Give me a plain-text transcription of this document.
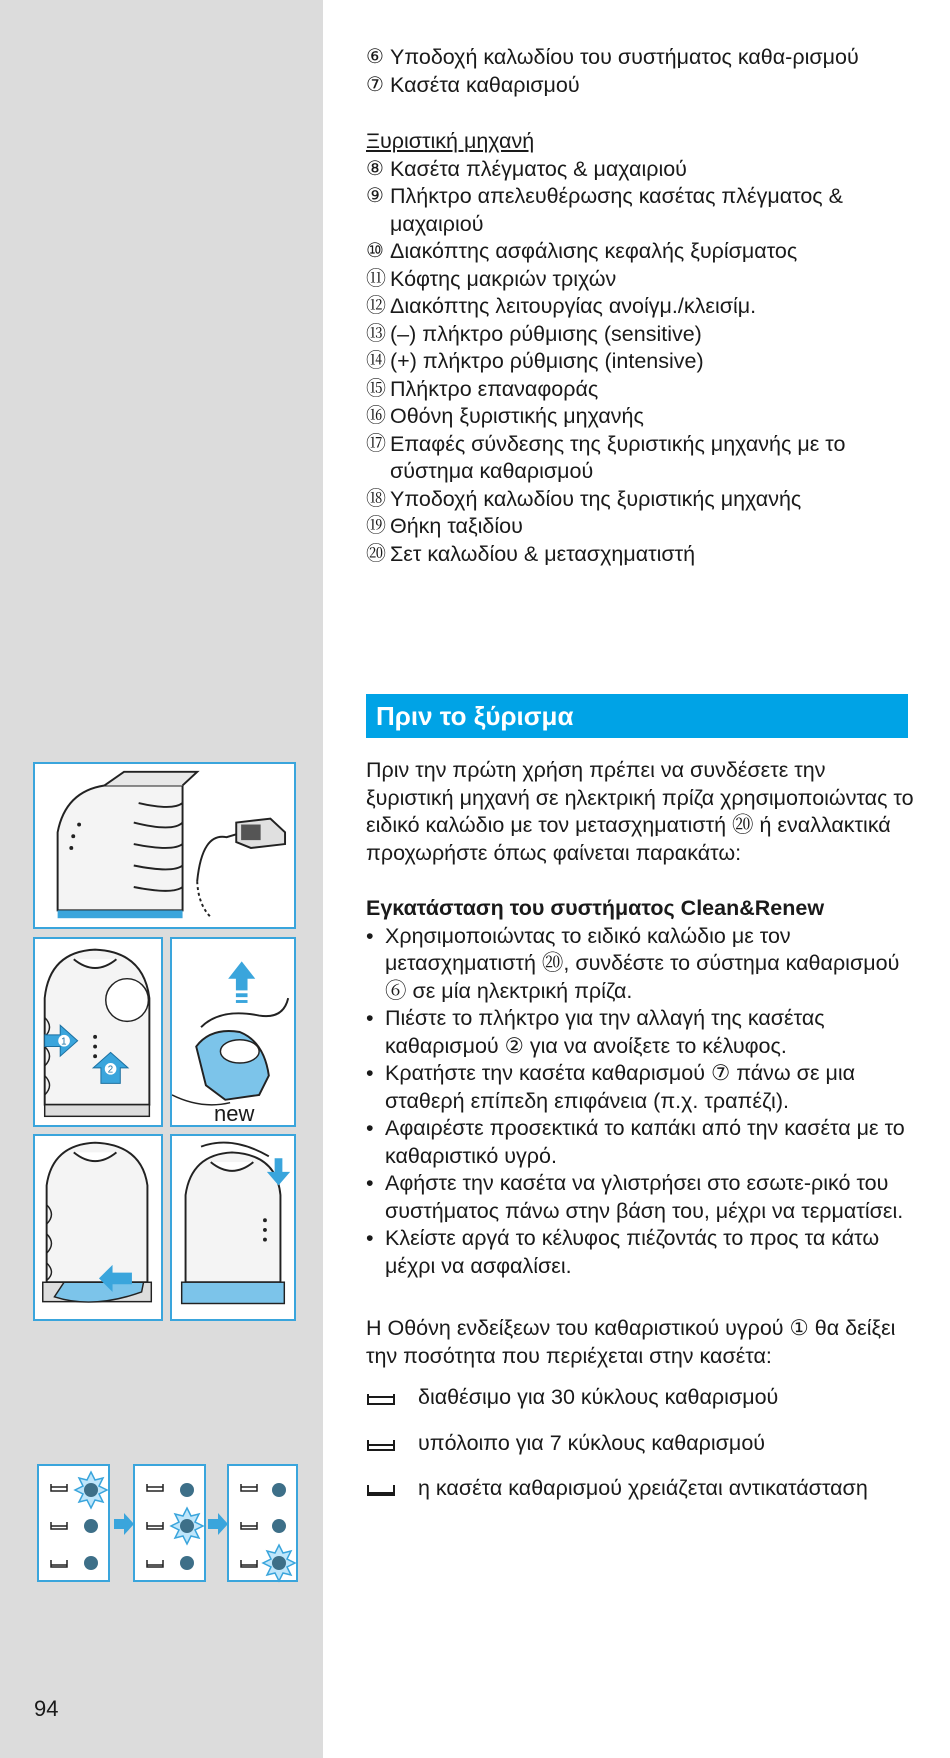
1
2
new
⑥ Υποδοχή καλωδίου του συστήματος καθα-ρισμού
⑦ Κασέτα καθαρισμού
Ξυριστική μηχανή
⑧ Κασέτα πλέγματος & μαχαιριού
⑨ Πλήκτρο απελευθέρωσης κασέτας πλέγματος & μαχαιριού
⑩ Διακόπτης ασφάλισης κεφαλής ξυρίσματος
⑪ Κόφτης μακριών τριχών
⑫ Διακόπτης λειτουργίας ανοίγμ./κλεισίμ.
⑬ (–) πλήκτρο ρύθμισης (sensitive)
⑭ (+) πλήκτρο ρύθμισης (intensive)
⑮ Πλήκτρο επαναφοράς
⑯ Οθόνη ξυριστικής μηχανής
⑰ Επαφές σύνδεσης της ξυριστικής μηχανής με το σύστημα καθαρισμού
⑱ Υποδοχή καλωδίου της ξυριστικής μηχανής
⑲ Θήκη ταξιδίου
⑳ Σετ καλωδίου & μετασχηματιστή
Πριν το ξύρισμα

Πριν την πρώτη χρήση πρέπει να συνδέσετε την ξυριστική μηχανή σε ηλεκτρική πρίζα χρησιμοποιώντας το ειδικό καλώδιο με τον μετασχηματιστή ⑳ ή εναλλακτικά προχωρήστε όπως φαίνεται παρακάτω:

Εγκατάσταση του συστήματος Clean&Renew
• Χρησιμοποιώντας το ειδικό καλώδιο με τον μετασχηματιστή ⑳, συνδέστε το σύστημα καθαρισμού ⑥ σε μία ηλεκτρική πρίζα.
• Πιέστε το πλήκτρο για την αλλαγή της κασέτας καθαρισμού ② για να ανοίξετε το κέλυφος.
• Κρατήστε την κασέτα καθαρισμού ⑦ πάνω σε μια σταθερή επίπεδη επιφάνεια (π.χ. τραπέζι).
• Αφαιρέστε προσεκτικά το καπάκι από την κασέτα με το καθαριστικό υγρό.
• Αφήστε την κασέτα να γλιστρήσει στο εσωτε-ρικό του συστήματος πάνω στην βάση του, μέχρι να τερματίσει.
• Κλείστε αργά το κέλυφος πιέζοντάς το προς τα κάτω μέχρι να ασφαλίσει.

Η Οθόνη ενδείξεων του καθαριστικού υγρού ① θα δείξει την ποσότητα που περιέχεται στην κασέτα:

διαθέσιμο για 30 κύκλους καθαρισμού
υπόλοιπο για 7 κύκλους καθαρισμού
η κασέτα καθαρισμού χρειάζεται αντικατάσταση
94
